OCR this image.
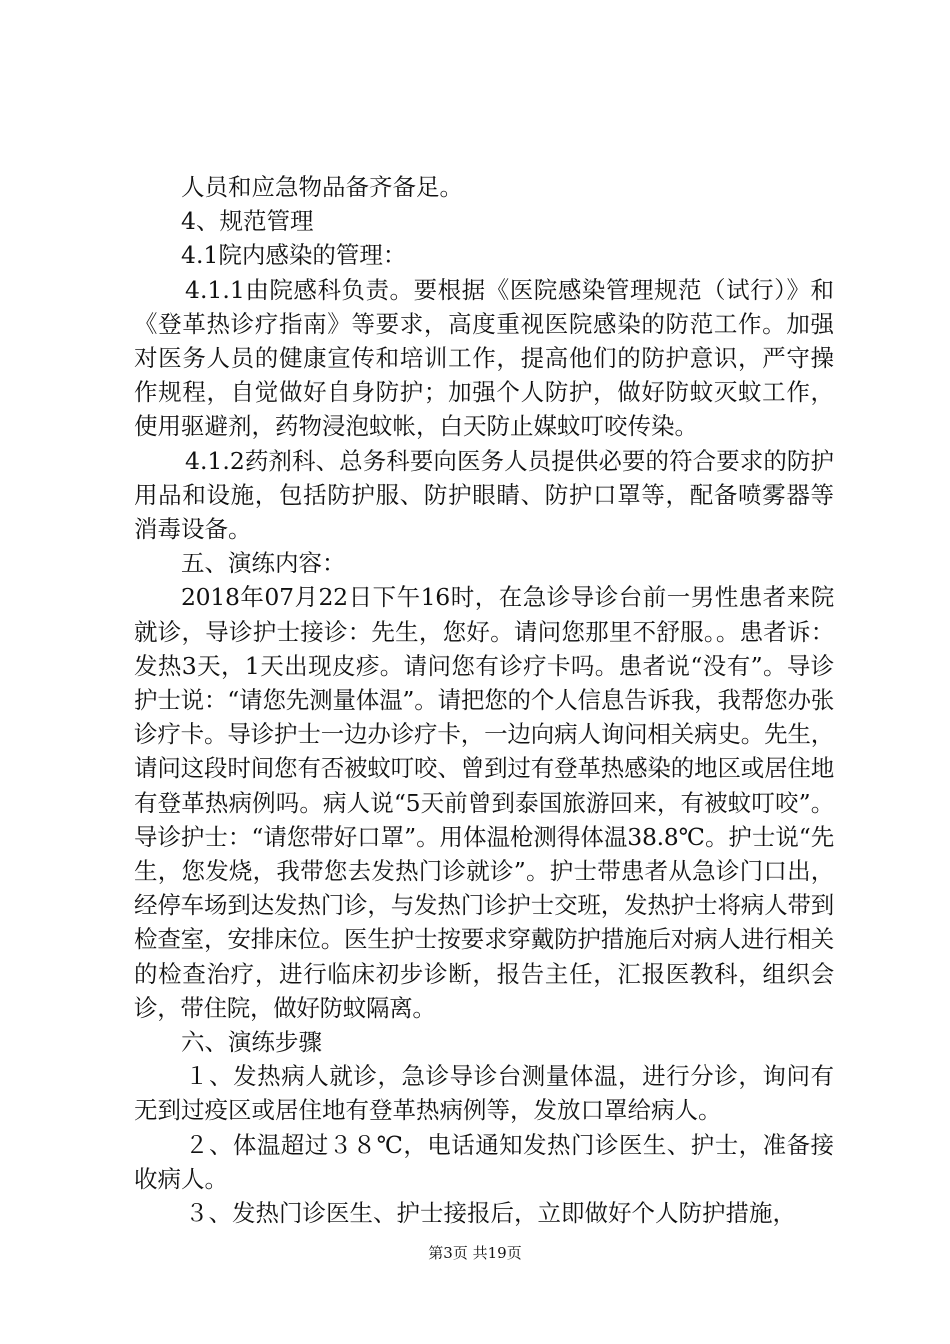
人员和应急物品备齐备足。

4、规范管理

4.1院内感染的管理：

4.1.1由院感科负责。要根据《医院感染管理规范（试行）》和《登革热诊疗指南》等要求，高度重视医院感染的防范工作。加强对医务人员的健康宣传和培训工作，提高他们的防护意识，严守操作规程，自觉做好自身防护；加强个人防护，做好防蚊灭蚊工作，使用驱避剂，药物浸泡蚊帐，白天防止媒蚊叮咬传染。

4.1.2药剂科、总务科要向医务人员提供必要的符合要求的防护用品和设施，包括防护服、防护眼睛、防护口罩等，配备喷雾器等消毒设备。

五、演练内容：

2018年07月22日下午16时，在急诊导诊台前一男性患者来院就诊，导诊护士接诊：先生，您好。请问您那里不舒服。。患者诉：发热3天，1天出现皮疹。请问您有诊疗卡吗。患者说“没有”。导诊护士说：“请您先测量体温”。请把您的个人信息告诉我，我帮您办张诊疗卡。导诊护士一边办诊疗卡，一边向病人询问相关病史。先生，请问这段时间您有否被蚊叮咬、曾到过有登革热感染的地区或居住地有登革热病例吗。病人说“5天前曾到泰国旅游回来，有被蚊叮咬”。导诊护士：“请您带好口罩”。用体温枪测得体温38.8℃。护士说“先生，您发烧，我带您去发热门诊就诊”。护士带患者从急诊门口出，经停车场到达发热门诊，与发热门诊护士交班，发热护士将病人带到检查室，安排床位。医生护士按要求穿戴防护措施后对病人进行相关的检查治疗，进行临床初步诊断，报告主任，汇报医教科，组织会诊，带住院，做好防蚊隔离。

六、演练步骤

１、发热病人就诊，急诊导诊台测量体温，进行分诊，询问有无到过疫区或居住地有登革热病例等，发放口罩给病人。

２、体温超过３８℃，电话通知发热门诊医生、护士，准备接收病人。

３、发热门诊医生、护士接报后，立即做好个人防护措施，

第3页 共19页
